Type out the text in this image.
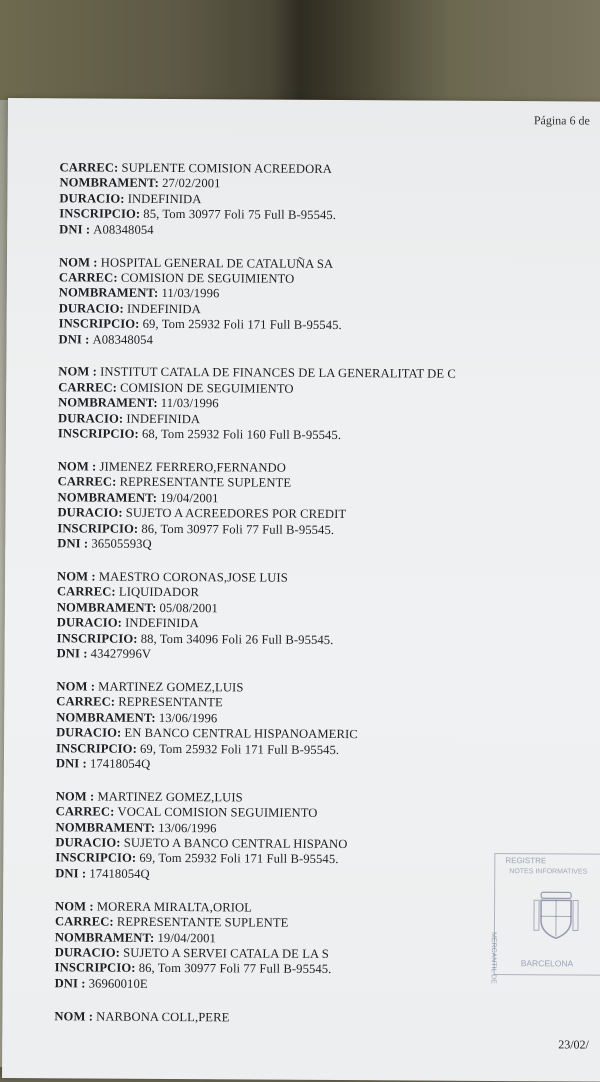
Página 6 de
CARREC: SUPLENTE COMISION ACREEDORA
NOMBRAMENT: 27/02/2001
DURACIO: INDEFINIDA
INSCRIPCIO: 85, Tom 30977 Foli 75 Full B-95545.
DNI : A08348054
NOM : HOSPITAL GENERAL DE CATALUÑA SA
CARREC: COMISION DE SEGUIMIENTO
NOMBRAMENT: 11/03/1996
DURACIO: INDEFINIDA
INSCRIPCIO: 69, Tom 25932 Foli 171 Full B-95545.
DNI : A08348054
NOM : INSTITUT CATALA DE FINANCES DE LA GENERALITAT DE C
CARREC: COMISION DE SEGUIMIENTO
NOMBRAMENT: 11/03/1996
DURACIO: INDEFINIDA
INSCRIPCIO: 68, Tom 25932 Foli 160 Full B-95545.
NOM : JIMENEZ FERRERO,FERNANDO
CARREC: REPRESENTANTE SUPLENTE
NOMBRAMENT: 19/04/2001
DURACIO: SUJETO A ACREEDORES POR CREDIT
INSCRIPCIO: 86, Tom 30977 Foli 77 Full B-95545.
DNI : 36505593Q
NOM : MAESTRO CORONAS,JOSE LUIS
CARREC: LIQUIDADOR
NOMBRAMENT: 05/08/2001
DURACIO: INDEFINIDA
INSCRIPCIO: 88, Tom 34096 Foli 26 Full B-95545.
DNI : 43427996V
NOM : MARTINEZ GOMEZ,LUIS
CARREC: REPRESENTANTE
NOMBRAMENT: 13/06/1996
DURACIO: EN BANCO CENTRAL HISPANOAMERIC
INSCRIPCIO: 69, Tom 25932 Foli 171 Full B-95545.
DNI : 17418054Q
NOM : MARTINEZ GOMEZ,LUIS
CARREC: VOCAL COMISION SEGUIMIENTO
NOMBRAMENT: 13/06/1996
DURACIO: SUJETO A BANCO CENTRAL HISPANO
INSCRIPCIO: 69, Tom 25932 Foli 171 Full B-95545.
DNI : 17418054Q
NOM : MORERA MIRALTA,ORIOL
CARREC: REPRESENTANTE SUPLENTE
NOMBRAMENT: 19/04/2001
DURACIO: SUJETO A SERVEI CATALA DE LA S
INSCRIPCIO: 86, Tom 30977 Foli 77 Full B-95545.
DNI : 36960010E
NOM : NARBONA COLL,PERE
REGISTRE
NOTES INFORMATIVES
MERCANTIL DE	BARCELONA
23/02/
